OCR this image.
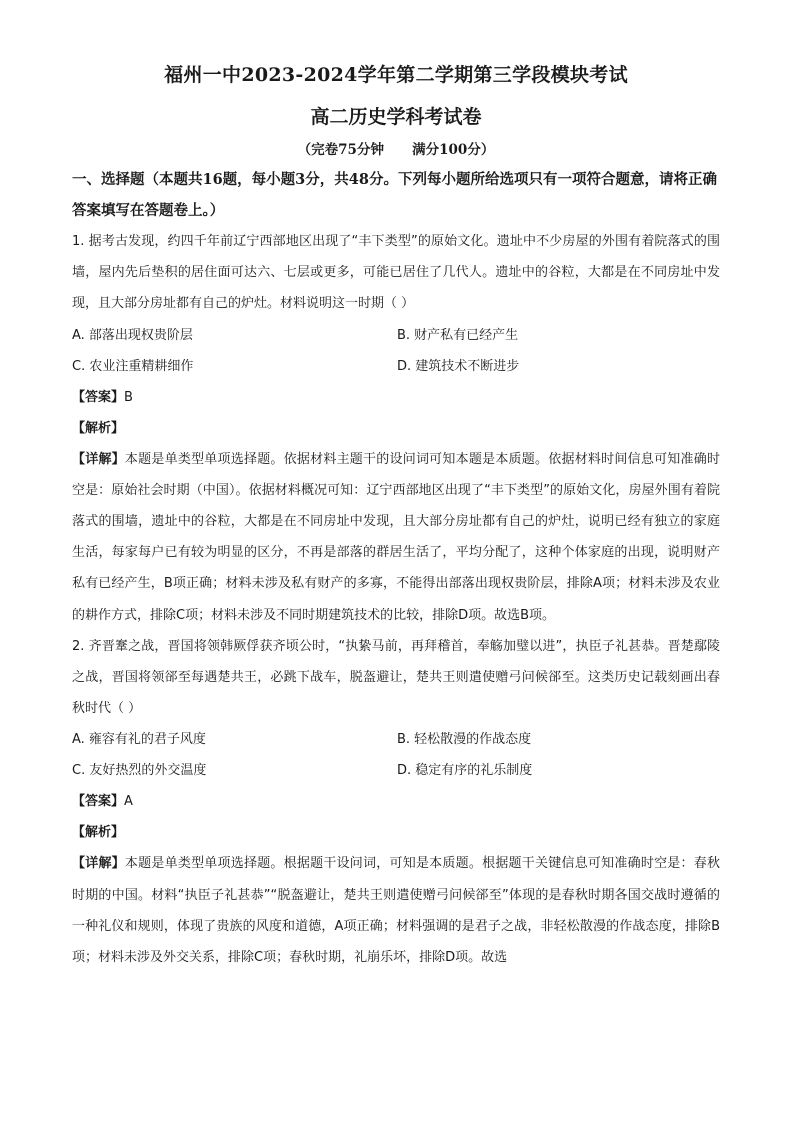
福州一中2023-2024学年第二学期第三学段模块考试
高二历史学科考试卷

（完卷75分钟      满分100分）

一、选择题（本题共16题，每小题3分，共48分。下列每小题所给选项只有一项符合题意，请将正确答案填写在答题卷上。）

1. 据考古发现，约四千年前辽宁西部地区出现了“丰下类型”的原始文化。遗址中不少房屋的外围有着院落式的围墙，屋内先后垫积的居住面可达六、七层或更多，可能已居住了几代人。遗址中的谷粒，大都是在不同房址中发现，且大部分房址都有自己的炉灶。材料说明这一时期（ ）

A. 部落出现权贵阶层	B. 财产私有已经产生
C. 农业注重精耕细作	D. 建筑技术不断进步

【答案】B

【解析】

【详解】本题是单类型单项选择题。依据材料主题干的设问词可知本题是本质题。依据材料时间信息可知准确时空是：原始社会时期（中国）。依据材料概况可知：辽宁西部地区出现了“丰下类型”的原始文化，房屋外围有着院落式的围墙，遗址中的谷粒，大都是在不同房址中发现，且大部分房址都有自己的炉灶，说明已经有独立的家庭生活，每家每户已有较为明显的区分，不再是部落的群居生活了，平均分配了，这种个体家庭的出现，说明财产私有已经产生，B项正确；材料未涉及私有财产的多寡，不能得出部落出现权贵阶层，排除A项；材料未涉及农业的耕作方式，排除C项；材料未涉及不同时期建筑技术的比较，排除D项。故选B项。

2. 齐晋鞌之战，晋国将领韩厥俘获齐顷公时，“执絷马前，再拜稽首，奉觞加璧以进”，执臣子礼甚恭。晋楚鄢陵之战，晋国将领郤至每遇楚共王，必跳下战车，脱盔避让，楚共王则遣使赠弓问候郤至。这类历史记载刻画出春秋时代（ ）

A. 雍容有礼的君子风度	B. 轻松散漫的作战态度
C. 友好热烈的外交温度	D. 稳定有序的礼乐制度

【答案】A

【解析】

【详解】本题是单类型单项选择题。根据题干设问词，可知是本质题。根据题干关键信息可知准确时空是：春秋时期的中国。材料“执臣子礼甚恭”“脱盔避让，楚共王则遣使赠弓问候郤至”体现的是春秋时期各国交战时遵循的一种礼仪和规则，体现了贵族的风度和道德，A项正确；材料强调的是君子之战，非轻松散漫的作战态度，排除B项；材料未涉及外交关系，排除C项；春秋时期，礼崩乐坏，排除D项。故选
